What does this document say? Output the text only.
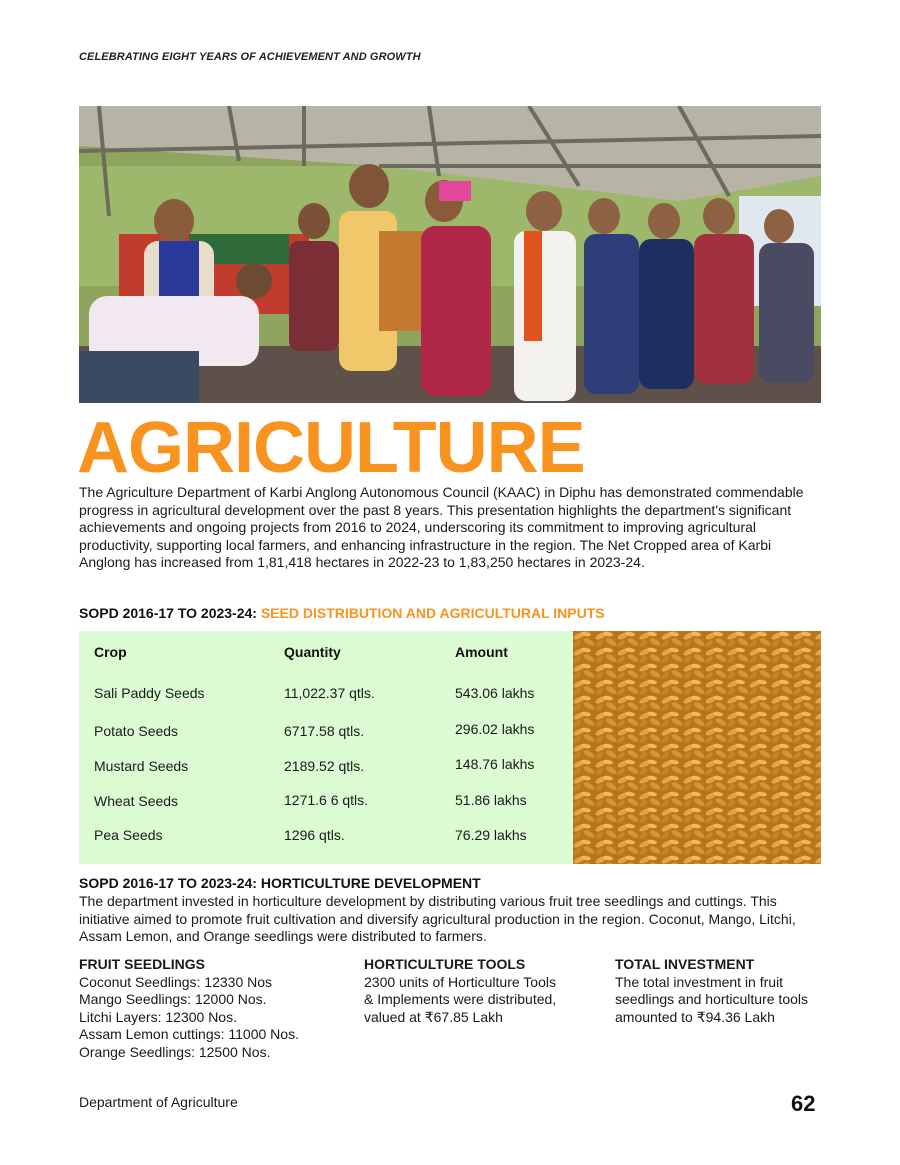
CELEBRATING EIGHT YEARS OF ACHIEVEMENT AND GROWTH
AGRICULTURE

The Agriculture Department of Karbi Anglong Autonomous Council (KAAC) in Diphu has demonstrated commendable progress in agricultural development over the past 8 years. This presentation highlights the department's significant achievements and ongoing projects from 2016 to 2024, underscoring its commitment to improving agricultural productivity, supporting local farmers, and enhancing infrastructure in the region. The Net Cropped area of Karbi Anglong has increased from 1,81,418 hectares in 2022-23 to 1,83,250 hectares in 2023-24.

SOPD 2016-17 TO 2023-24: SEED DISTRIBUTION AND AGRICULTURAL INPUTS
Crop	Quantity	Amount
Sali Paddy Seeds	11,022.37 qtls.	543.06 lakhs
Potato Seeds	6717.58 qtls.	296.02 lakhs
Mustard Seeds	2189.52 qtls.	148.76 lakhs
Wheat Seeds	1271.6 6 qtls.	51.86 lakhs
Pea Seeds	1296 qtls.	76.29 lakhs
SOPD 2016-17 TO 2023-24: HORTICULTURE DEVELOPMENT

The department invested in horticulture development by distributing various fruit tree seedlings and cuttings. This initiative aimed to promote fruit cultivation and diversify agricultural production in the region. Coconut, Mango, Litchi, Assam Lemon, and Orange seedlings were distributed to farmers.

FRUIT SEEDLINGS
Coconut Seedlings: 12330 Nos
Mango Seedlings: 12000 Nos.
Litchi Layers: 12300 Nos.
Assam Lemon cuttings: 11000 Nos.
Orange Seedlings: 12500 Nos.
HORTICULTURE TOOLS
2300 units of Horticulture Tools
& Implements were distributed,
valued at ₹67.85 Lakh
TOTAL INVESTMENT
The total investment in fruit
seedlings and horticulture tools
amounted to ₹94.36 Lakh
Department of Agriculture	62
